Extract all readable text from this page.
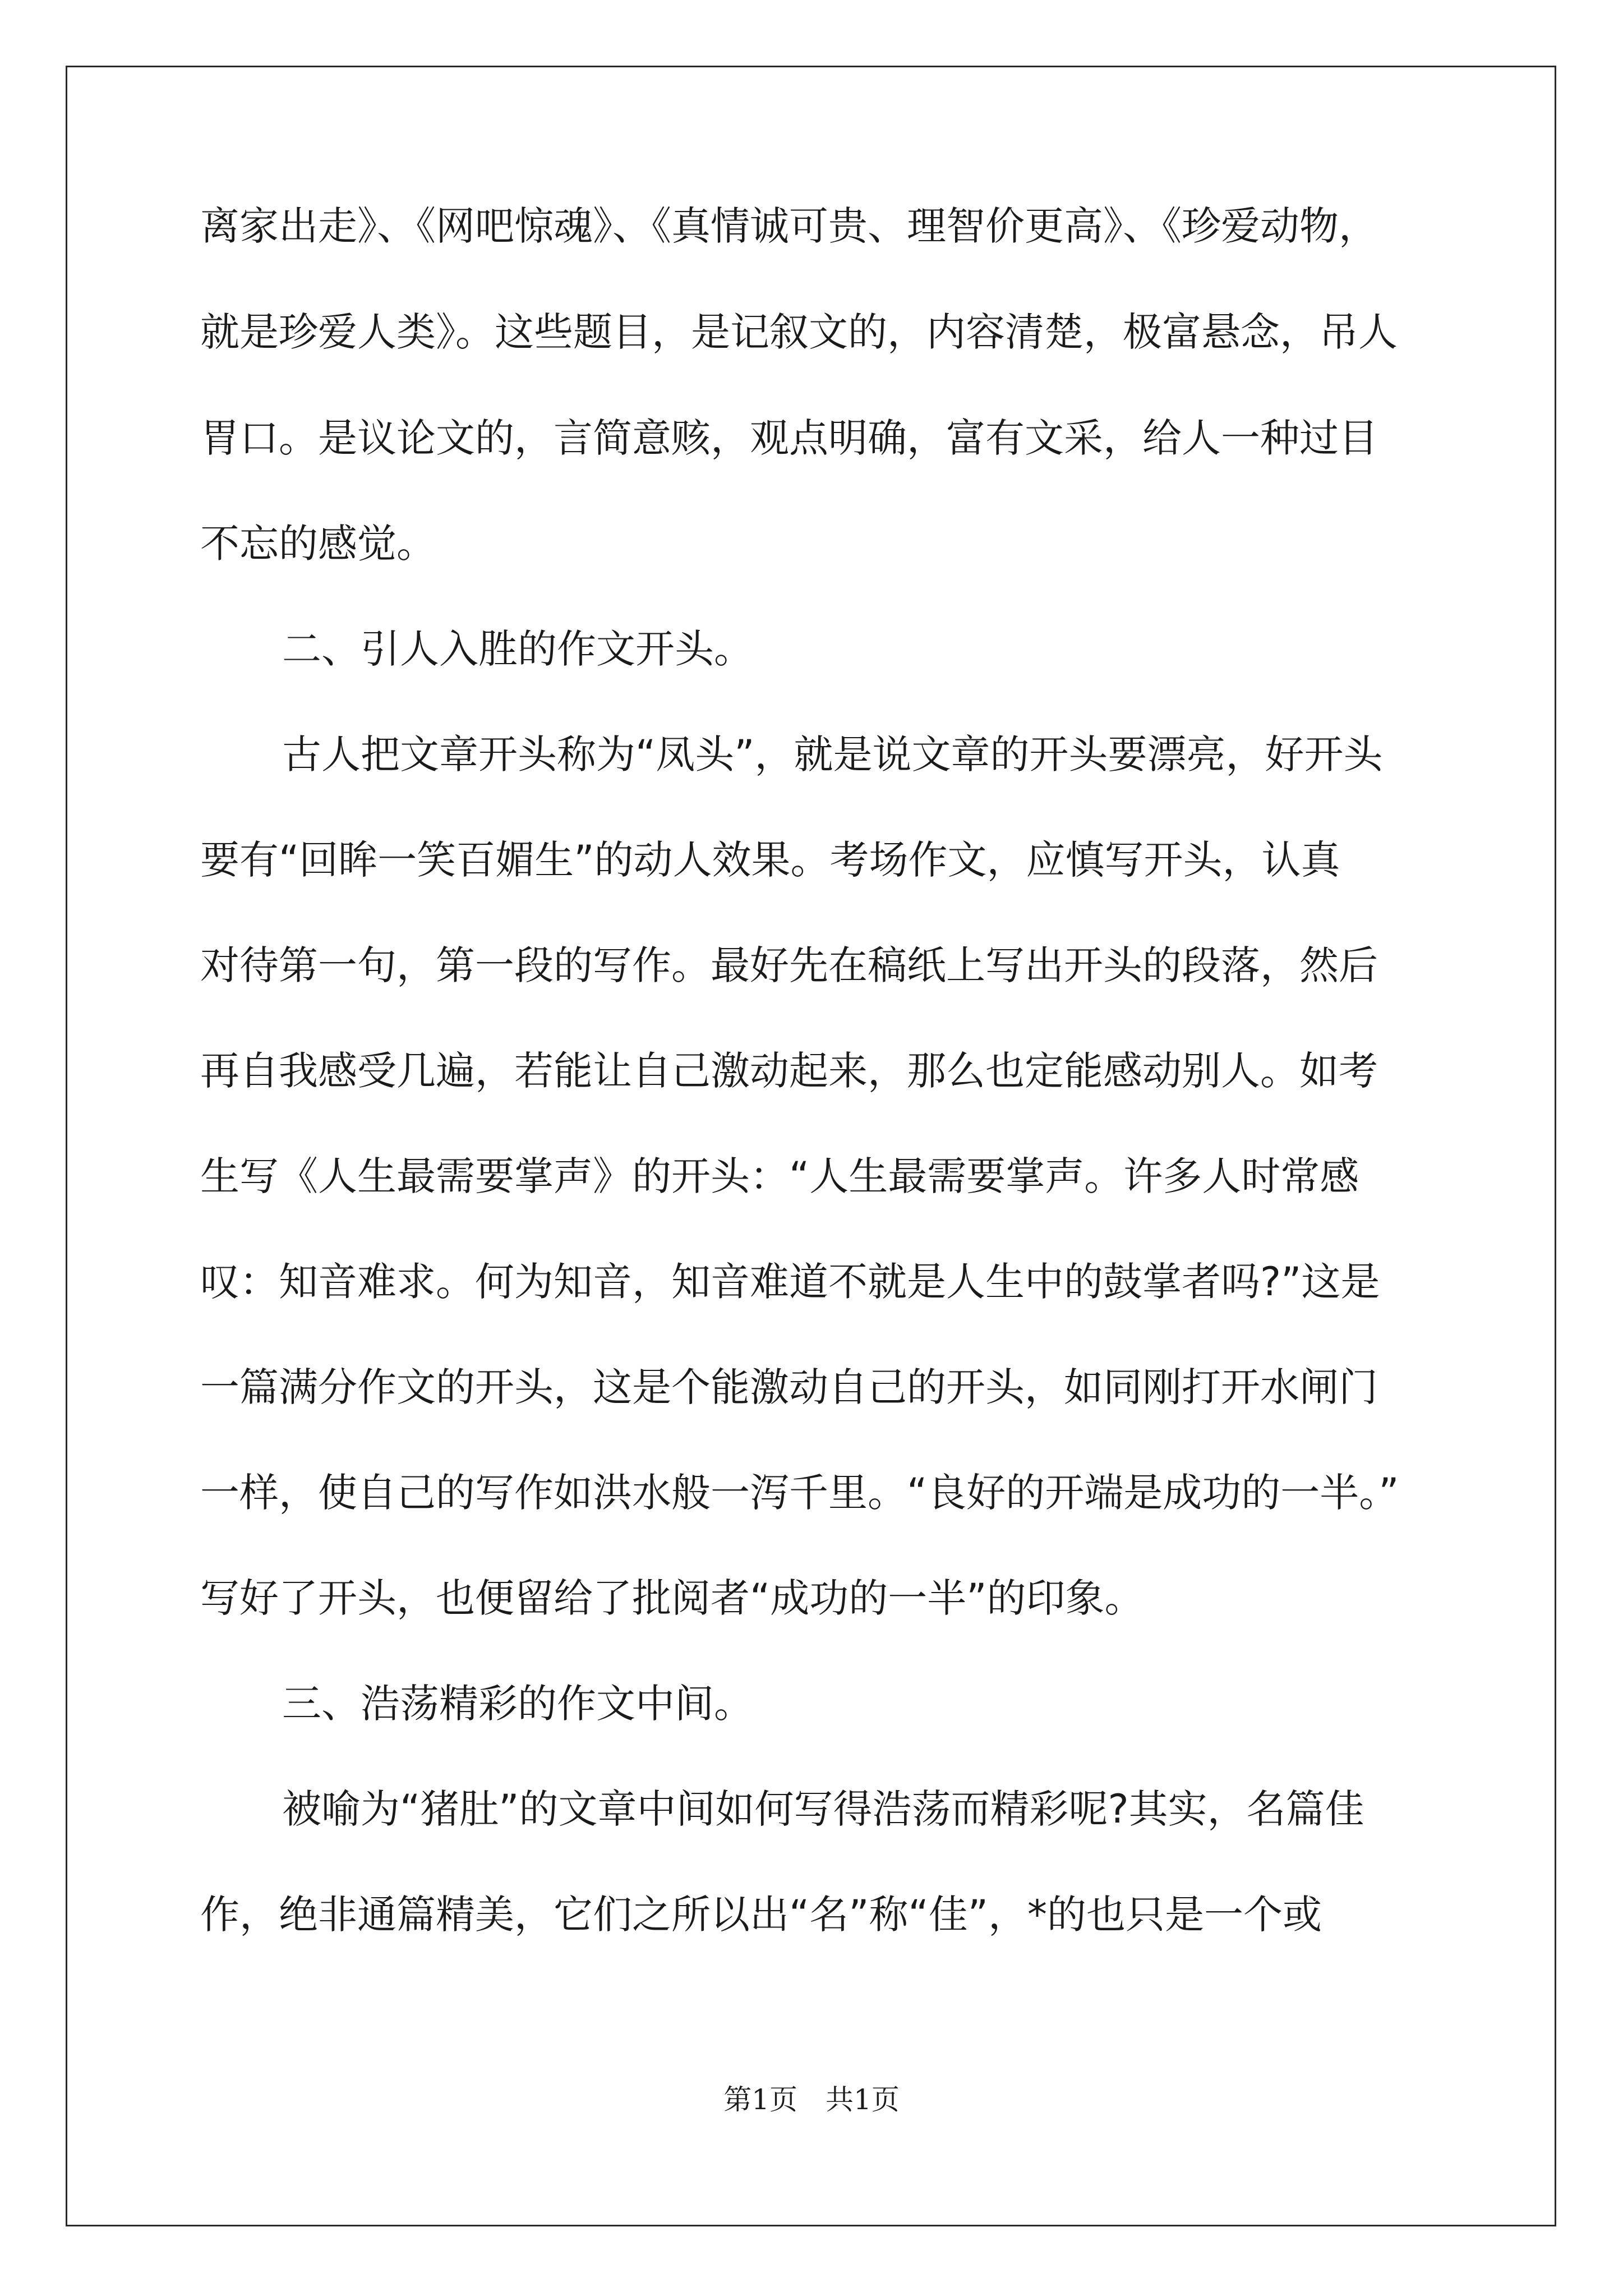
离家出走》、《网吧惊魂》、《真情诚可贵、理智价更高》、《珍爱动物，
就是珍爱人类》。这些题目，是记叙文的，内容清楚，极富悬念，吊人
胃口。是议论文的，言简意赅，观点明确，富有文采，给人一种过目
不忘的感觉。
二、引人入胜的作文开头。
古人把文章开头称为“凤头”，就是说文章的开头要漂亮，好开头
要有“回眸一笑百媚生”的动人效果。考场作文，应慎写开头，认真
对待第一句，第一段的写作。最好先在稿纸上写出开头的段落，然后
再自我感受几遍，若能让自己激动起来，那么也定能感动别人。如考
生写《人生最需要掌声》的开头：“人生最需要掌声。许多人时常感
叹：知音难求。何为知音，知音难道不就是人生中的鼓掌者吗?”这是
一篇满分作文的开头，这是个能激动自己的开头，如同刚打开水闸门
一样，使自己的写作如洪水般一泻千里。“良好的开端是成功的一半。”
写好了开头，也便留给了批阅者“成功的一半”的印象。
三、浩荡精彩的作文中间。
被喻为“猪肚”的文章中间如何写得浩荡而精彩呢?其实，名篇佳
作，绝非通篇精美，它们之所以出“名”称“佳”，*的也只是一个或
第1页　共1页
